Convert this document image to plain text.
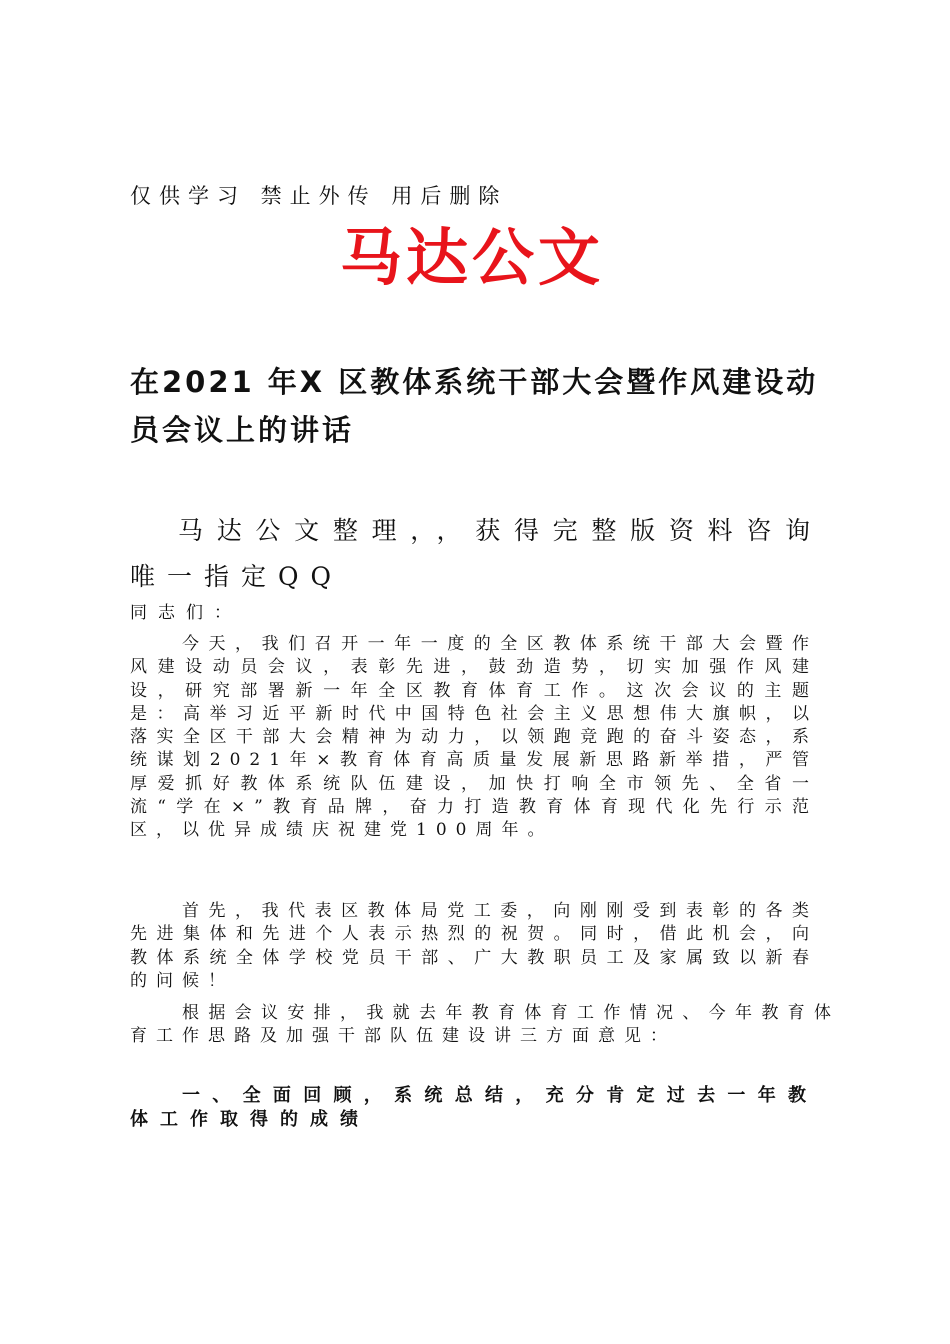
仅供学习 禁止外传 用后删除
马达公文
在2021 年X 区教体系统干部大会暨作风建设动员会议上的讲话
马达公文整理，，获得完整版资料咨询唯一指定QQ
同志们：
今天，我们召开一年一度的全区教体系统干部大会暨作风建设动员会议，表彰先进，鼓劲造势，切实加强作风建设，研究部署新一年全区教育体育工作。这次会议的主题是：高举习近平新时代中国特色社会主义思想伟大旗帜，以落实全区干部大会精神为动力，以领跑竞跑的奋斗姿态，系统谋划2021年×教育体育高质量发展新思路新举措，严管厚爱抓好教体系统队伍建设，加快打响全市领先、全省一流“学在×”教育品牌，奋力打造教育体育现代化先行示范区，以优异成绩庆祝建党100周年。
首先，我代表区教体局党工委，向刚刚受到表彰的各类先进集体和先进个人表示热烈的祝贺。同时，借此机会，向教体系统全体学校党员干部、广大教职员工及家属致以新春的问候！
根据会议安排，我就去年教育体育工作情况、今年教育体育工作思路及加强干部队伍建设讲三方面意见：
一、全面回顾，系统总结，充分肯定过去一年教体工作取得的成绩
